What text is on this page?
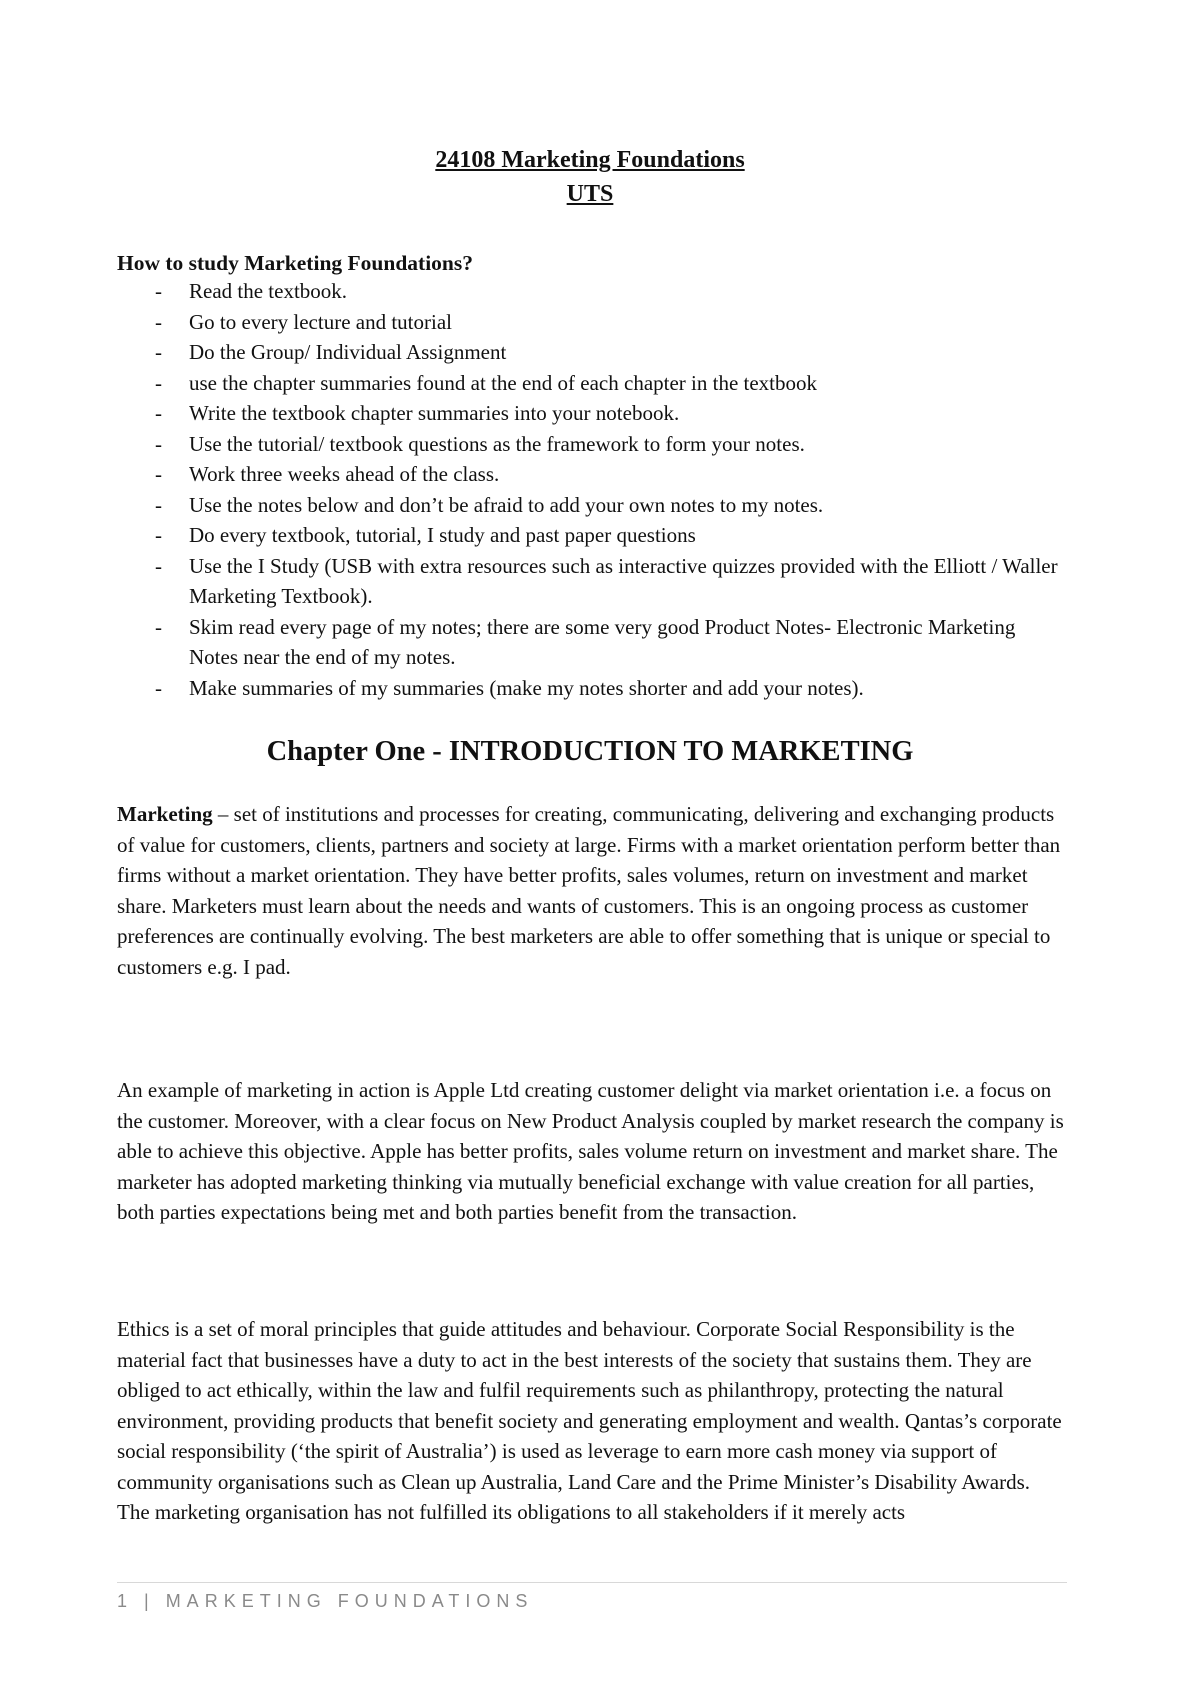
24108 Marketing Foundations
UTS

How to study Marketing Foundations?

- Read the textbook.
- Go to every lecture and tutorial
- Do the Group/ Individual Assignment
- use the chapter summaries found at the end of each chapter in the textbook
- Write the textbook chapter summaries into your notebook.
- Use the tutorial/ textbook questions as the framework to form your notes.
- Work three weeks ahead of the class.
- Use the notes below and don’t be afraid to add your own notes to my notes.
- Do every textbook, tutorial, I study and past paper questions
- Use the I Study (USB with extra resources such as interactive quizzes provided with the Elliott / Waller Marketing Textbook).
- Skim read every page of my notes; there are some very good Product Notes- Electronic Marketing Notes near the end of my notes.
- Make summaries of my summaries (make my notes shorter and add your notes).
Chapter One - INTRODUCTION TO MARKETING

Marketing – set of institutions and processes for creating, communicating, delivering and exchanging products of value for customers, clients, partners and society at large. Firms with a market orientation perform better than firms without a market orientation. They have better profits, sales volumes, return on investment and market share. Marketers must learn about the needs and wants of customers. This is an ongoing process as customer preferences are continually evolving. The best marketers are able to offer something that is unique or special to customers e.g. I pad.

An example of marketing in action is Apple Ltd creating customer delight via market orientation i.e. a focus on the customer. Moreover, with a clear focus on New Product Analysis coupled by market research the company is able to achieve this objective. Apple has better profits, sales volume return on investment and market share. The marketer has adopted marketing thinking via mutually beneficial exchange with value creation for all parties, both parties expectations being met and both parties benefit from the transaction.

Ethics is a set of moral principles that guide attitudes and behaviour. Corporate Social Responsibility is the material fact that businesses have a duty to act in the best interests of the society that sustains them. They are obliged to act ethically, within the law and fulfil requirements such as philanthropy, protecting the natural environment, providing products that benefit society and generating employment and wealth. Qantas’s corporate social responsibility (‘the spirit of Australia’) is used as leverage to earn more cash money via support of community organisations such as Clean up Australia, Land Care and the Prime Minister’s Disability Awards. The marketing organisation has not fulfilled its obligations to all stakeholders if it merely acts

1 | MARKETING FOUNDATIONS
